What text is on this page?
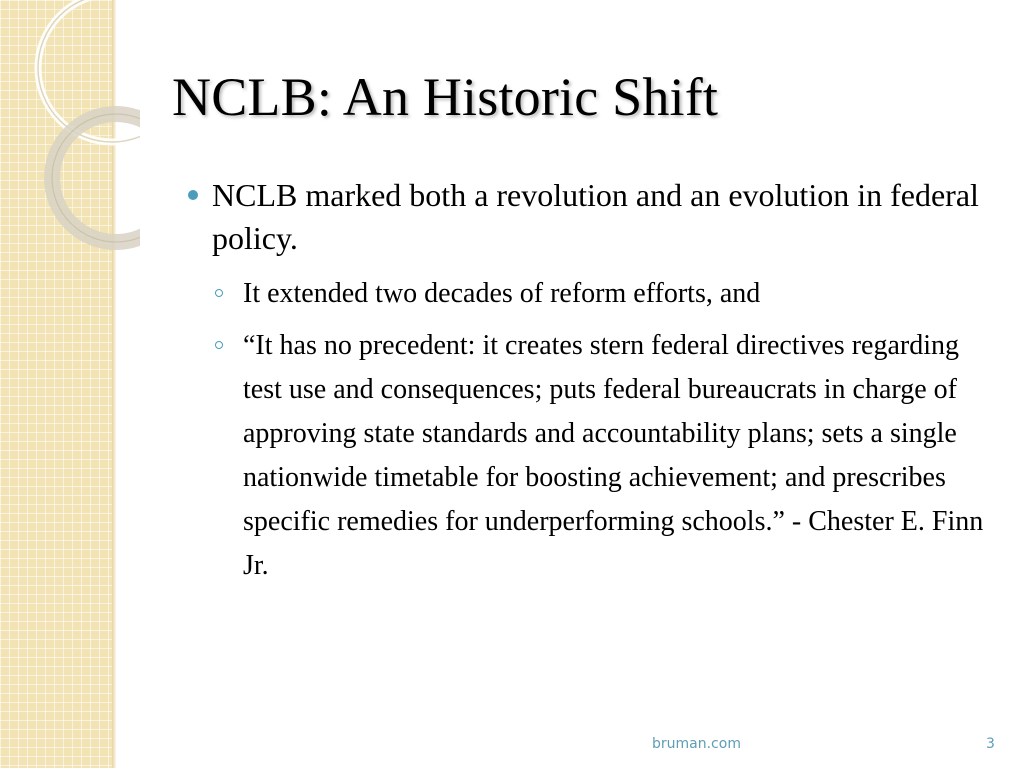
NCLB: An Historic Shift

NCLB marked both a revolution and an evolution in federal policy.

It extended two decades of reform efforts, and

“It has no precedent: it creates stern federal directives regarding test use and consequences; puts federal bureaucrats in charge of approving state standards and accountability plans; sets a single nationwide timetable for boosting achievement; and prescribes specific remedies for underperforming schools.” - Chester E. Finn Jr.

bruman.com	3
